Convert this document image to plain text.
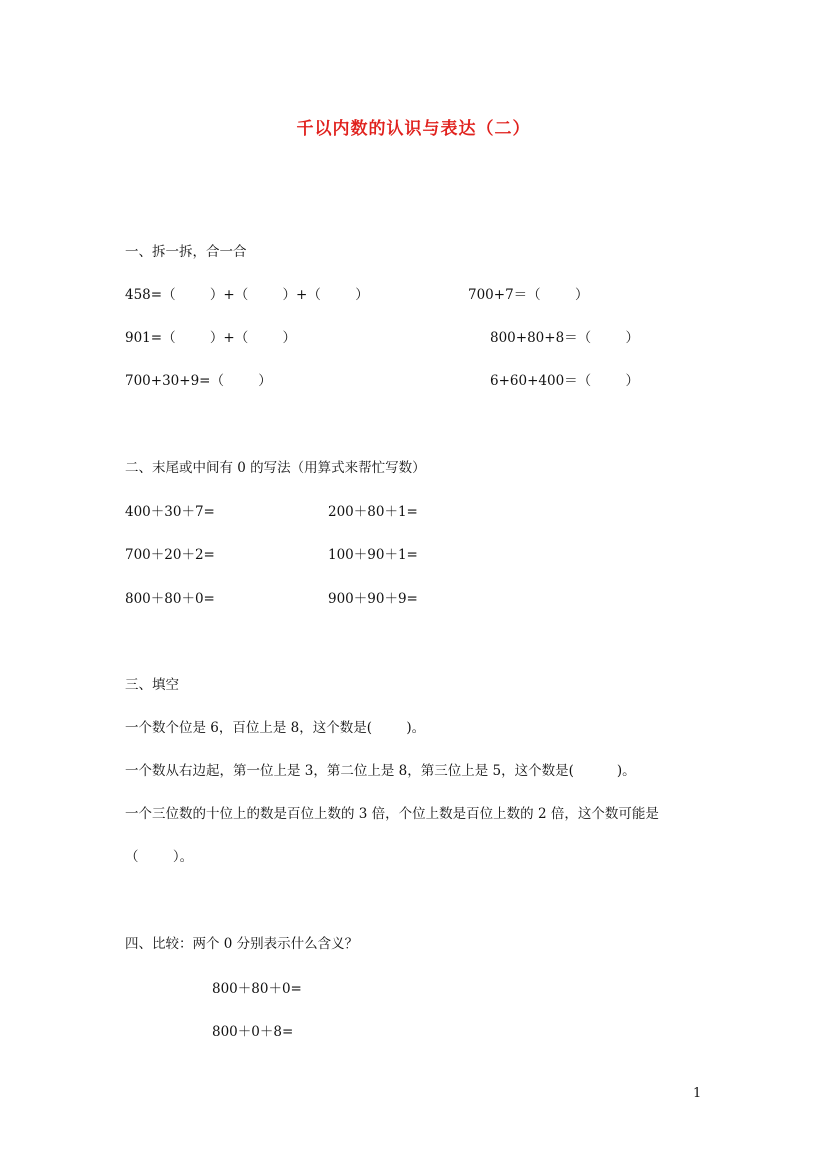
千以内数的认识与表达（二）
一、拆一拆，合一合
458=（        ）+（        ）+（        ）	700+7＝（        ）
901=（        ）+（        ）	800+80+8＝（        ）
700+30+9=（        ）	6+60+400＝（        ）
二、末尾或中间有 0 的写法（用算式来帮忙写数）
400＋30＋7=	200＋80＋1=
700＋20＋2=	100＋90＋1=
800＋80＋0=	900＋90＋9=
三、填空
一个数个位是 6，百位上是 8，这个数是(        )。
一个数从右边起，第一位上是 3，第二位上是 8，第三位上是 5，这个数是(          )。
一个三位数的十位上的数是百位上数的 3 倍，个位上数是百位上数的 2 倍，这个数可能是
（        ）。
四、比较：两个 0 分别表示什么含义？
800＋80＋0=
800＋0＋8=
1
